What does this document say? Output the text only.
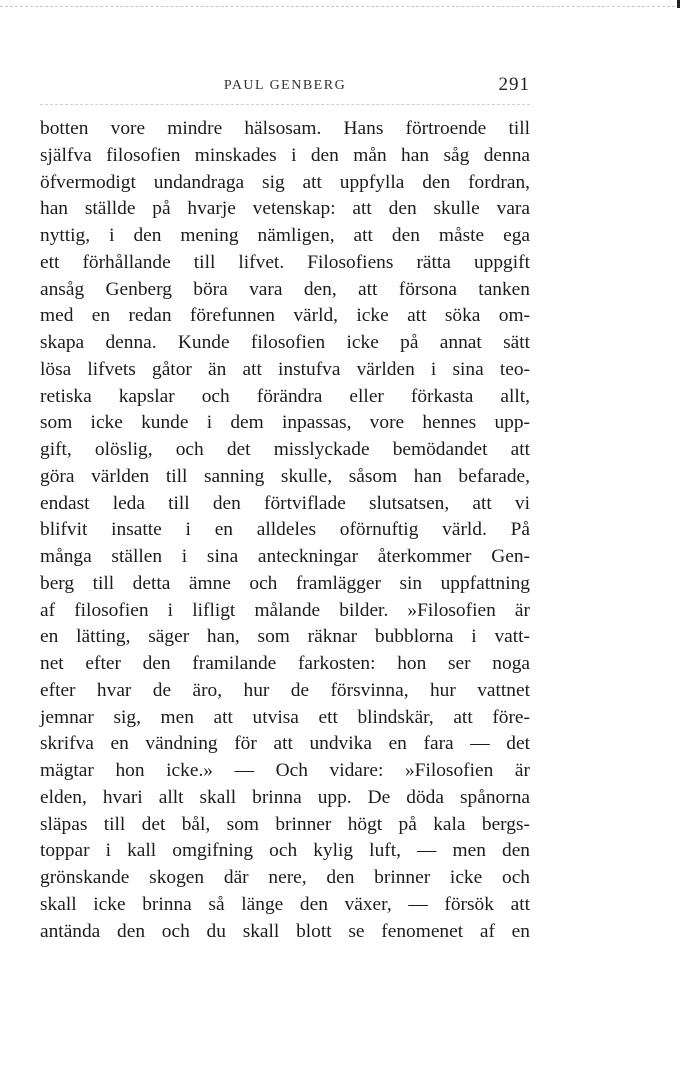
PAUL GENBERG	291
botten vore mindre hälsosam. Hans förtroende till
själfva filosofien minskades i den mån han såg denna
öfvermodigt undandraga sig att uppfylla den fordran,
han ställde på hvarje vetenskap: att den skulle vara
nyttig, i den mening nämligen, att den måste ega
ett förhållande till lifvet. Filosofiens rätta uppgift
ansåg Genberg böra vara den, att försona tanken
med en redan förefunnen värld, icke att söka om-
skapa denna. Kunde filosofien icke på annat sätt
lösa lifvets gåtor än att instufva världen i sina teo-
retiska kapslar och förändra eller förkasta allt,
som icke kunde i dem inpassas, vore hennes upp-
gift, olöslig, och det misslyckade bemödandet att
göra världen till sanning skulle, såsom han befarade,
endast leda till den förtviflade slutsatsen, att vi
blifvit insatte i en alldeles oförnuftig värld. På
många ställen i sina anteckningar återkommer Gen-
berg till detta ämne och framlägger sin uppfattning
af filosofien i lifligt målande bilder. »Filosofien är
en lätting, säger han, som räknar bubblorna i vatt-
net efter den framilande farkosten: hon ser noga
efter hvar de äro, hur de försvinna, hur vattnet
jemnar sig, men att utvisa ett blindskär, att före-
skrifva en vändning för att undvika en fara — det
mägtar hon icke.» — Och vidare: »Filosofien är
elden, hvari allt skall brinna upp. De döda spånorna
släpas till det bål, som brinner högt på kala bergs-
toppar i kall omgifning och kylig luft, — men den
grönskande skogen där nere, den brinner icke och
skall icke brinna så länge den växer, — försök att
antända den och du skall blott se fenomenet af en
